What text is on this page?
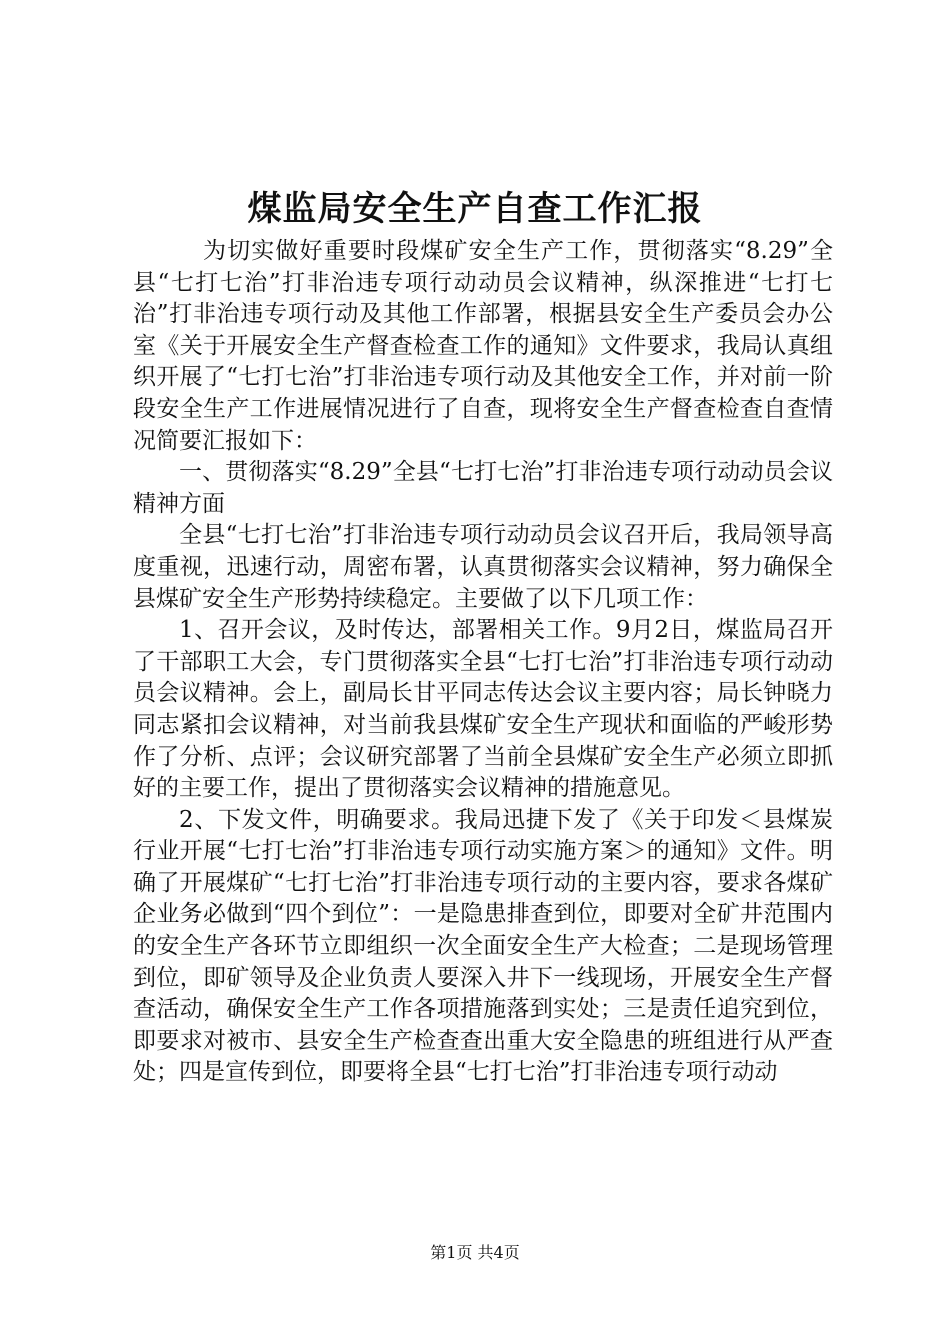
煤监局安全生产自查工作汇报

为切实做好重要时段煤矿安全生产工作，贯彻落实“8.29”全县“七打七治”打非治违专项行动动员会议精神，纵深推进“七打七治”打非治违专项行动及其他工作部署，根据县安全生产委员会办公室《关于开展安全生产督查检查工作的通知》文件要求，我局认真组织开展了“七打七治”打非治违专项行动及其他安全工作，并对前一阶段安全生产工作进展情况进行了自查，现将安全生产督查检查自查情况简要汇报如下：

一、贯彻落实“8.29”全县“七打七治”打非治违专项行动动员会议精神方面

全县“七打七治”打非治违专项行动动员会议召开后，我局领导高度重视，迅速行动，周密布署，认真贯彻落实会议精神，努力确保全县煤矿安全生产形势持续稳定。主要做了以下几项工作：

1、召开会议，及时传达，部署相关工作。9月2日，煤监局召开了干部职工大会，专门贯彻落实全县“七打七治”打非治违专项行动动员会议精神。会上，副局长甘平同志传达会议主要内容；局长钟晓力同志紧扣会议精神，对当前我县煤矿安全生产现状和面临的严峻形势作了分析、点评；会议研究部署了当前全县煤矿安全生产必须立即抓好的主要工作，提出了贯彻落实会议精神的措施意见。

2、下发文件，明确要求。我局迅捷下发了《关于印发＜县煤炭行业开展“七打七治”打非治违专项行动实施方案＞的通知》文件。明确了开展煤矿“七打七治”打非治违专项行动的主要内容，要求各煤矿企业务必做到“四个到位”：一是隐患排查到位，即要对全矿井范围内的安全生产各环节立即组织一次全面安全生产大检查；二是现场管理到位，即矿领导及企业负责人要深入井下一线现场，开展安全生产督查活动，确保安全生产工作各项措施落到实处；三是责任追究到位，即要求对被市、县安全生产检查查出重大安全隐患的班组进行从严查处；四是宣传到位，即要将全县“七打七治”打非治违专项行动动

第1页 共4页
